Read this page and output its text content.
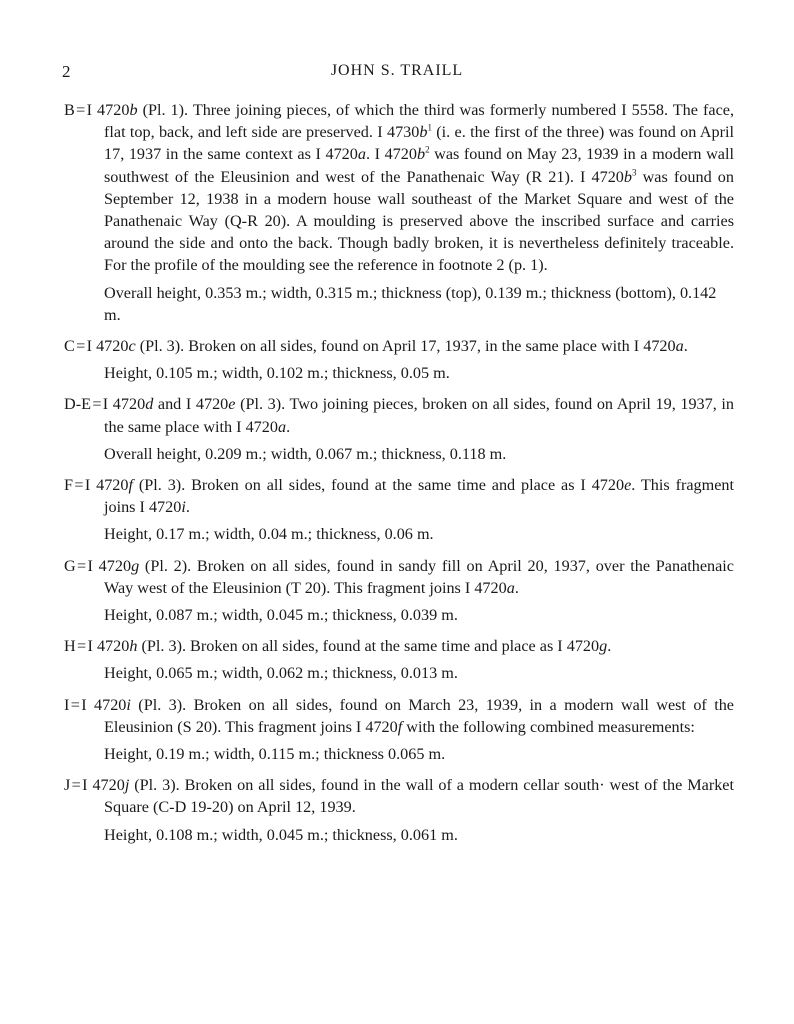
2	JOHN S. TRAILL
B = I 4720b (Pl. 1). Three joining pieces, of which the third was formerly numbered I 5558. The face, flat top, back, and left side are preserved. I $4730b^1$ (i. e. the first of the three) was found on April 17, 1937 in the same context as I 4720a. I $4720b^2$ was found on May 23, 1939 in a modern wall southwest of the Eleusinion and west of the Panathenaic Way (R 21). I $4720b^3$ was found on September 12, 1938 in a modern house wall southeast of the Market Square and west of the Panathenaic Way (Q-R 20). A moulding is preserved above the inscribed surface and carries around the side and onto the back. Though badly broken, it is nevertheless definitely traceable. For the profile of the moulding see the reference in footnote 2 (p. 1).
Overall height, 0.353 m.; width, 0.315 m.; thickness (top), 0.139 m.; thickness (bottom), 0.142 m.
C = I 4720c (Pl. 3). Broken on all sides, found on April 17, 1937, in the same place with I 4720a.
Height, 0.105 m.; width, 0.102 m.; thickness, 0.05 m.
D-E = I 4720d and I 4720e (Pl. 3). Two joining pieces, broken on all sides, found on April 19, 1937, in the same place with I 4720a.
Overall height, 0.209 m.; width, 0.067 m.; thickness, 0.118 m.
F = I 4720f (Pl. 3). Broken on all sides, found at the same time and place as I 4720e. This fragment joins I 4720i.
Height, 0.17 m.; width, 0.04 m.; thickness, 0.06 m.
G = I 4720g (Pl. 2). Broken on all sides, found in sandy fill on April 20, 1937, over the Panathenaic Way west of the Eleusinion (T 20). This fragment joins I 4720a.
Height, 0.087 m.; width, 0.045 m.; thickness, 0.039 m.
H = I 4720h (Pl. 3). Broken on all sides, found at the same time and place as I 4720g.
Height, 0.065 m.; width, 0.062 m.; thickness, 0.013 m.
I = I 4720i (Pl. 3). Broken on all sides, found on March 23, 1939, in a modern wall west of the Eleusinion (S 20). This fragment joins I 4720f with the following combined measurements:
Height, 0.19 m.; width, 0.115 m.; thickness 0.065 m.
J = I 4720j (Pl. 3). Broken on all sides, found in the wall of a modern cellar south· west of the Market Square (C-D 19-20) on April 12, 1939.
Height, 0.108 m.; width, 0.045 m.; thickness, 0.061 m.
